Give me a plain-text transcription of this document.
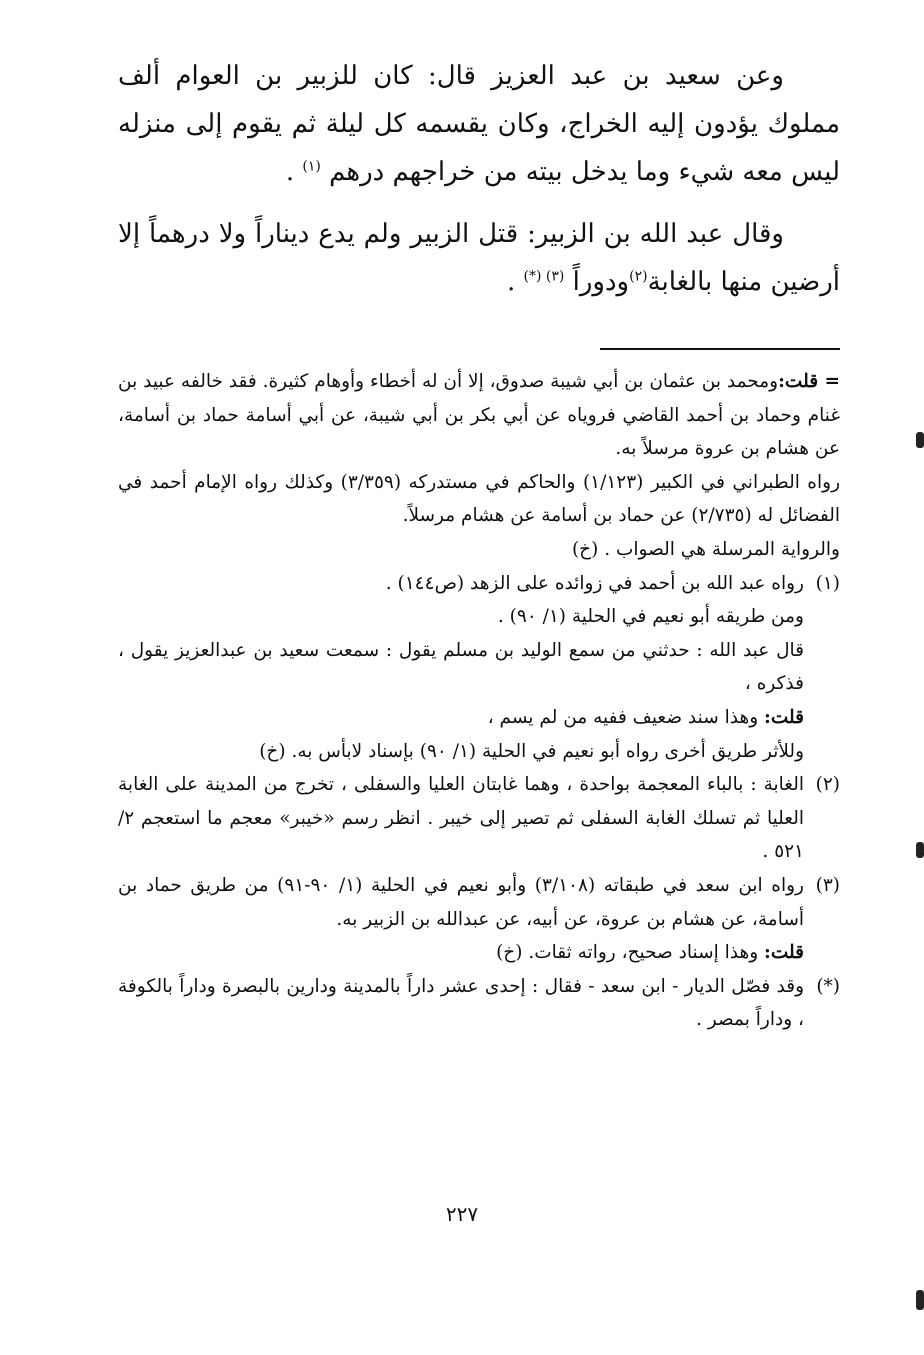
وعن سعيد بن عبد العزيز قال: كان للزبير بن العوام ألف مملوك يؤدون إليه الخراج، وكان يقسمه كل ليلة ثم يقوم إلى منزله ليس معه شيء وما يدخل بيته من خراجهم درهم $^{(١)}$ .

وقال عبد الله بن الزبير: قتل الزبير ولم يدع ديناراً ولا درهماً إلا أرضين منها بالغابة$^{(٢)}$ودوراً $^{(٣) (*)}$ .

= قلت:ومحمد بن عثمان بن أبي شيبة صدوق، إلا أن له أخطاء وأوهام كثيرة. فقد خالفه عبيد بن غنام وحماد بن أحمد القاضي فروياه عن أبي بكر بن أبي شيبة، عن أبي أسامة حماد بن أسامة، عن هشام بن عروة مرسلاً به.

رواه الطبراني في الكبير (١/١٢٣) والحاكم في مستدركه (٣/٣٥٩) وكذلك رواه الإمام أحمد في الفضائل له (٢/٧٣٥) عن حماد بن أسامة عن هشام مرسلاً.

والرواية المرسلة هي الصواب . (خ)

(١)
رواه عبد الله بن أحمد في زوائده على الزهد (ص١٤٤) .

ومن طريقه أبو نعيم في الحلية (١/ ٩٠) .

قال عبد الله : حدثني من سمع الوليد بن مسلم يقول : سمعت سعيد بن عبدالعزيز يقول ، فذكره ،

قلت: وهذا سند ضعيف ففيه من لم يسم ،

وللأثر طريق أخرى رواه أبو نعيم في الحلية (١/ ٩٠) بإسناد لابأس به. (خ)

(٢)
الغابة : بالباء المعجمة بواحدة ، وهما غابتان العليا والسفلى ، تخرج من المدينة على الغابة العليا ثم تسلك الغابة السفلى ثم تصير إلى خيبر . انظر رسم «خيبر» معجم ما استعجم ٢/ ٥٢١ .
(٣)
رواه ابن سعد في طبقاته (٣/١٠٨) وأبو نعيم في الحلية (١/ ٩٠-٩١) من طريق حماد بن أسامة، عن هشام بن عروة، عن أبيه، عن عبدالله بن الزبير به.
قلت: وهذا إسناد صحيح، رواته ثقات. (خ)
(*)
وقد فصّل الديار - ابن سعد - فقال : إحدى عشر داراً بالمدينة ودارين بالبصرة وداراً بالكوفة ، وداراً بمصر .
٢٢٧
